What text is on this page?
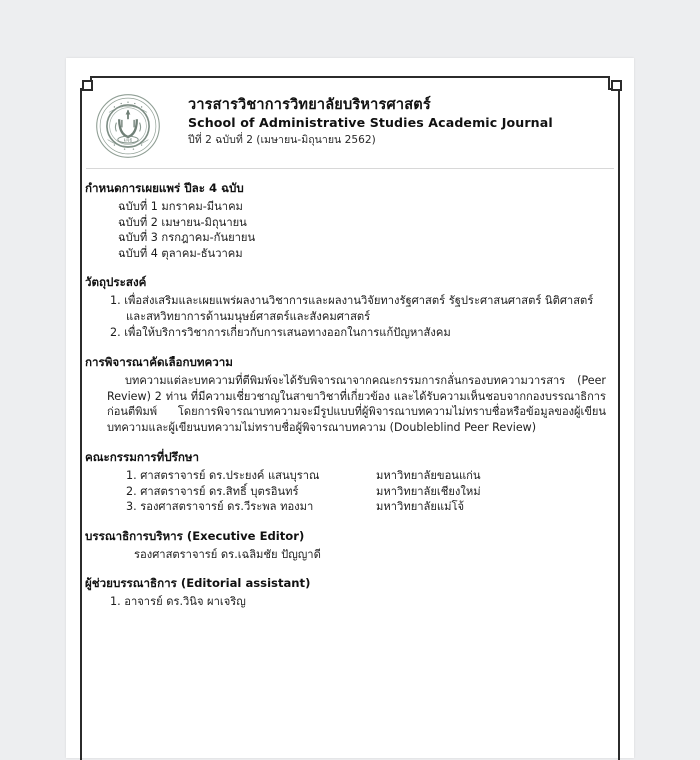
มจธ
วารสารวิชาการวิทยาลัยบริหารศาสตร์
School of Administrative Studies Academic Journal
ปีที่ 2 ฉบับที่ 2 (เมษายน-มิถุนายน 2562)
กำหนดการเผยแพร่ ปีละ 4 ฉบับ
ฉบับที่ 1 มกราคม-มีนาคม
ฉบับที่ 2 เมษายน-มิถุนายน
ฉบับที่ 3 กรกฎาคม-กันยายน
ฉบับที่ 4 ตุลาคม-ธันวาคม
วัตถุประสงค์
1. เพื่อส่งเสริมและเผยแพร่ผลงานวิชาการและผลงานวิจัยทางรัฐศาสตร์ รัฐประศาสนศาสตร์ นิติศาสตร์ และสหวิทยาการด้านมนุษย์ศาสตร์และสังคมศาสตร์
2. เพื่อให้บริการวิชาการเกี่ยวกับการเสนอทางออกในการแก้ปัญหาสังคม
การพิจารณาคัดเลือกบทความ

บทความแต่ละบทความที่ตีพิมพ์จะได้รับพิจารณาจากคณะกรรมการกลั่นกรองบทความวารสาร (Peer Review) 2 ท่าน ที่มีความเชี่ยวชาญในสาขาวิชาที่เกี่ยวข้อง และได้รับความเห็นชอบจากกองบรรณาธิการ ก่อนตีพิมพ์ โดยการพิจารณาบทความจะมีรูปแบบที่ผู้พิจารณาบทความไม่ทราบชื่อหรือข้อมูลของผู้เขียนบทความและผู้เขียนบทความไม่ทราบชื่อผู้พิจารณาบทความ (Doubleblind Peer Review)

คณะกรรมการที่ปรึกษา
1. ศาสตราจารย์ ดร.ประยงค์ แสนบุราณ	มหาวิทยาลัยขอนแก่น
2. ศาสตราจารย์ ดร.สิทธิ์ บุตรอินทร์	มหาวิทยาลัยเชียงใหม่
3. รองศาสตราจารย์ ดร.วีระพล ทองมา	มหาวิทยาลัยแม่โจ้
บรรณาธิการบริหาร (Executive Editor)

รองศาสตราจารย์ ดร.เฉลิมชัย ปัญญาดี

ผู้ช่วยบรรณาธิการ (Editorial assistant)
1. อาจารย์ ดร.วินิจ ผาเจริญ
